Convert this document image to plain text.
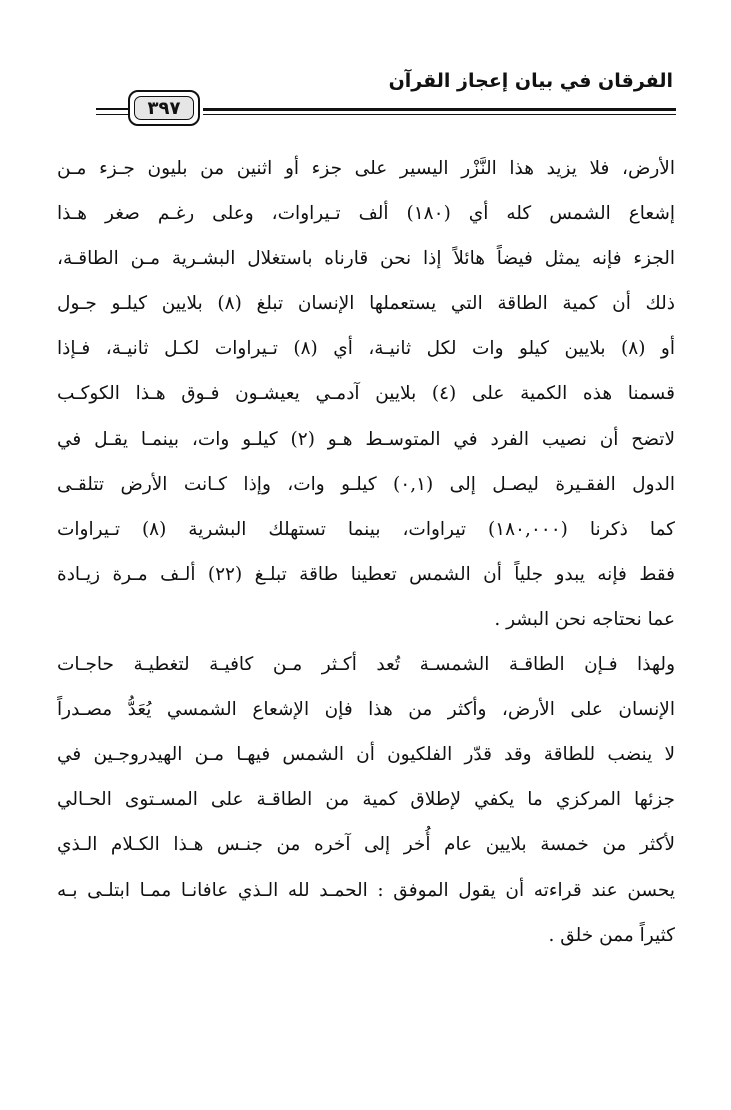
الفرقان في بيان إعجاز القرآن
٣٩٧
الأرض، فلا يزيد هذا النَّزْر اليسير على جزء أو اثنين من بليون جـزء مـن
إشعاع الشمس كله أي (١٨٠) ألف تـيراوات، وعلى رغـم صغر هـذا
الجزء فإنه يمثل فيضاً هائلاً إذا نحن قارناه باستغلال البشـرية مـن الطاقـة،
ذلك أن كمية الطاقة التي يستعملها الإنسان تبلغ (٨) بلايين كيلـو جـول
أو (٨) بلايين كيلو وات لكل ثانيـة، أي (٨) تـيراوات لكـل ثانيـة، فـإذا
قسمنا هذه الكمية على (٤) بلايين آدمـي يعيشـون فـوق هـذا الكوكـب
لاتضح أن نصيب الفرد في المتوسـط هـو (٢) كيلـو وات، بينمـا يقـل في
الدول الفقـيرة ليصـل إلى (٠,١) كيلـو وات، وإذا كـانت الأرض تتلقـى
كما ذكرنا (١٨٠,٠٠٠) تيراوات، بينما تستهلك البشرية (٨) تـيراوات
فقط فإنه يبدو جلياً أن الشمس تعطينا طاقة تبلـغ (٢٢) ألـف مـرة زيـادة
عما نحتاجه نحن البشر .
ولهذا فـإن الطاقـة الشمسـة تُعد أكـثر مـن كافيـة لتغطيـة حاجـات
الإنسان على الأرض، وأكثر من هذا فإن الإشعاع الشمسي يُعَدُّ مصـدراً
لا ينضب للطاقة وقد قدّر الفلكيون أن الشمس فيهـا مـن الهيدروجـين في
جزئها المركزي ما يكفي لإطلاق كمية من الطاقـة على المسـتوى الحـالي
لأكثر من خمسة بلايين عام أُخر إلى آخره من جنـس هـذا الكـلام الـذي
يحسن عند قراءته أن يقول الموفق : الحمـد لله الـذي عافانـا ممـا ابتلـى بـه
كثيراً ممن خلق .
